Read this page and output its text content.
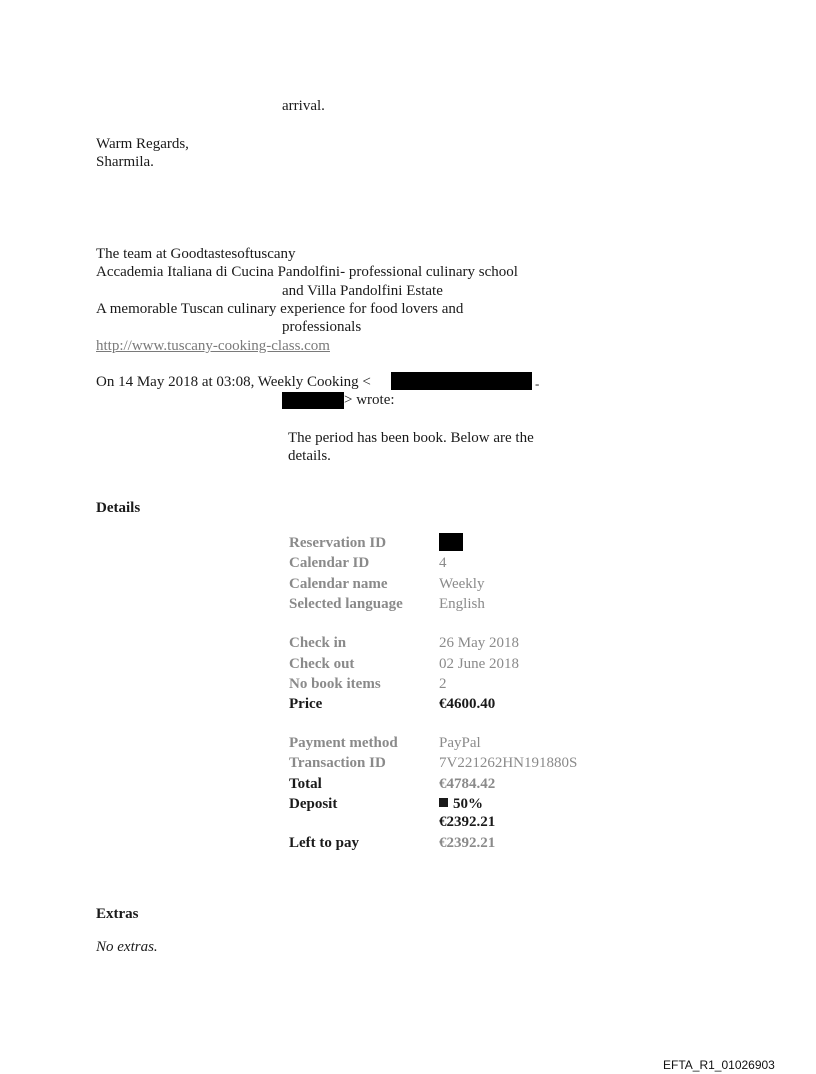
arrival.
Warm Regards,
Sharmila.
The team at Goodtastesoftuscany
Accademia Italiana di Cucina Pandolfini- professional culinary school
and Villa Pandolfini Estate
A memorable Tuscan culinary experience for food lovers and
professionals
http://www.tuscany-cooking-class.com
On 14 May 2018 at 03:08, Weekly Cooking <	-
> wrote:
The period has been book. Below are the
details.
Details
Reservation ID
Calendar ID	4
Calendar name	Weekly
Selected language English
Check in	26 May 2018
Check out	02 June 2018
No book items	2
Price	€4600.40
Payment method	PayPal
Transaction ID	7V221262HN191880S
Total	€4784.42
Deposit	50%
€2392.21
Left to pay	€2392.21
Extras
No extras.
EFTA_R1_01026903
